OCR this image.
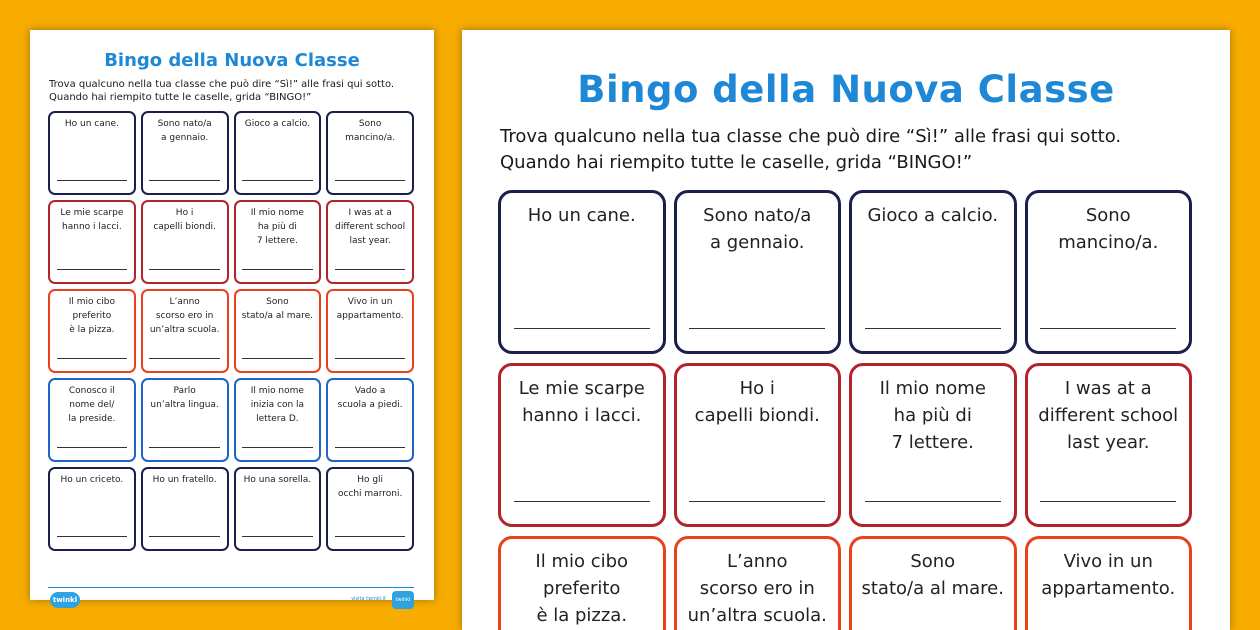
Bingo della Nuova Classe
Trova qualcuno nella tua classe che può dire “Sì!” alle frasi qui sotto.
Quando hai riempito tutte le caselle, grida “BINGO!”
Ho un cane.	Sono nato/a
a gennaio.
Gioco a calcio.	Sono
mancino/a.
Le mie scarpe
hanno i lacci.
Ho i
capelli biondi.
Il mio nome
ha più di
7 lettere.
I was at a
different school
last year.
Il mio cibo
preferito
è la pizza.
L’anno
scorso ero in
un’altra scuola.
Sono
stato/a al mare.
Vivo in un
appartamento.
Conosco il
nome del/
la preside.
Parlo
un’altra lingua.
Il mio nome
inizia con la
lettera D.
Vado a
scuola a piedi.
Ho un criceto.	Ho un fratello.	Ho una sorella.	Ho gli
occhi marroni.
twinkl	visita twinkl.it	twinkl
Bingo della Nuova Classe
Trova qualcuno nella tua classe che può dire “Sì!” alle frasi qui sotto.
Quando hai riempito tutte le caselle, grida “BINGO!”
Ho un cane.	Sono nato/a
a gennaio.
Gioco a calcio.	Sono
mancino/a.
Le mie scarpe
hanno i lacci.
Ho i
capelli biondi.
Il mio nome
ha più di
7 lettere.
I was at a
different school
last year.
Il mio cibo
preferito
è la pizza.
L’anno
scorso ero in
un’altra scuola.
Sono
stato/a al mare.
Vivo in un
appartamento.
